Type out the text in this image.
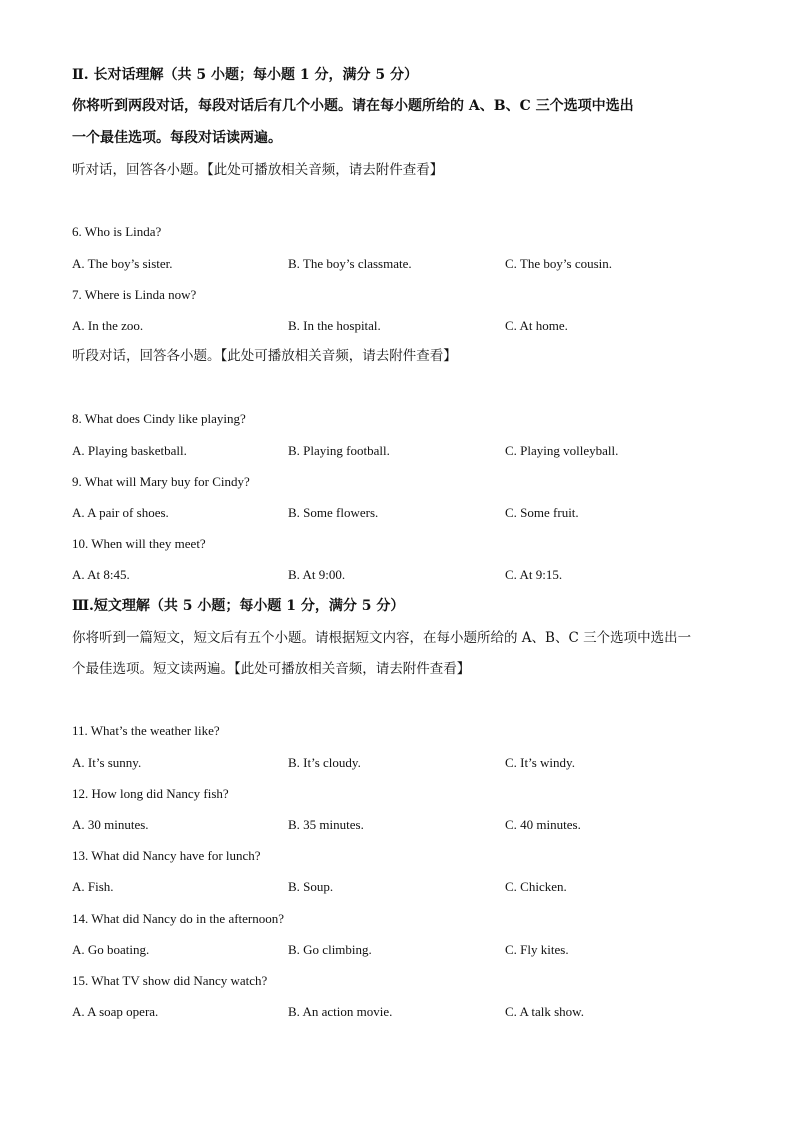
Ⅱ. 长对话理解（共 5 小题；每小题 1 分，满分 5 分）
你将听到两段对话，每段对话后有几个小题。请在每小题所给的 A、B、C 三个选项中选出
一个最佳选项。每段对话读两遍。
听对话，回答各小题。【此处可播放相关音频，请去附件查看】
6. Who is Linda?
A. The boy’s sister.	B. The boy’s classmate.	C. The boy’s cousin.
7. Where is Linda now?
A. In the zoo.	B. In the hospital.	C. At home.
听段对话，回答各小题。【此处可播放相关音频，请去附件查看】
8. What does Cindy like playing?
A. Playing basketball.	B. Playing football.	C. Playing volleyball.
9. What will Mary buy for Cindy?
A. A pair of shoes.	B. Some flowers.	C. Some fruit.
10. When will they meet?
A. At 8:45.	B. At 9:00.	C. At 9:15.
Ⅲ.短文理解（共 5 小题；每小题 1 分，满分 5 分）
你将听到一篇短文，短文后有五个小题。请根据短文内容，在每小题所给的 A、B、C 三个选项中选出一
个最佳选项。短文读两遍。【此处可播放相关音频，请去附件查看】
11. What’s the weather like?
A. It’s sunny.	B. It’s cloudy.	C. It’s windy.
12. How long did Nancy fish?
A. 30 minutes.	B. 35 minutes.	C. 40 minutes.
13. What did Nancy have for lunch?
A. Fish.	B. Soup.	C. Chicken.
14. What did Nancy do in the afternoon?
A. Go boating.	B. Go climbing.	C. Fly kites.
15. What TV show did Nancy watch?
A. A soap opera.	B. An action movie.	C. A talk show.
